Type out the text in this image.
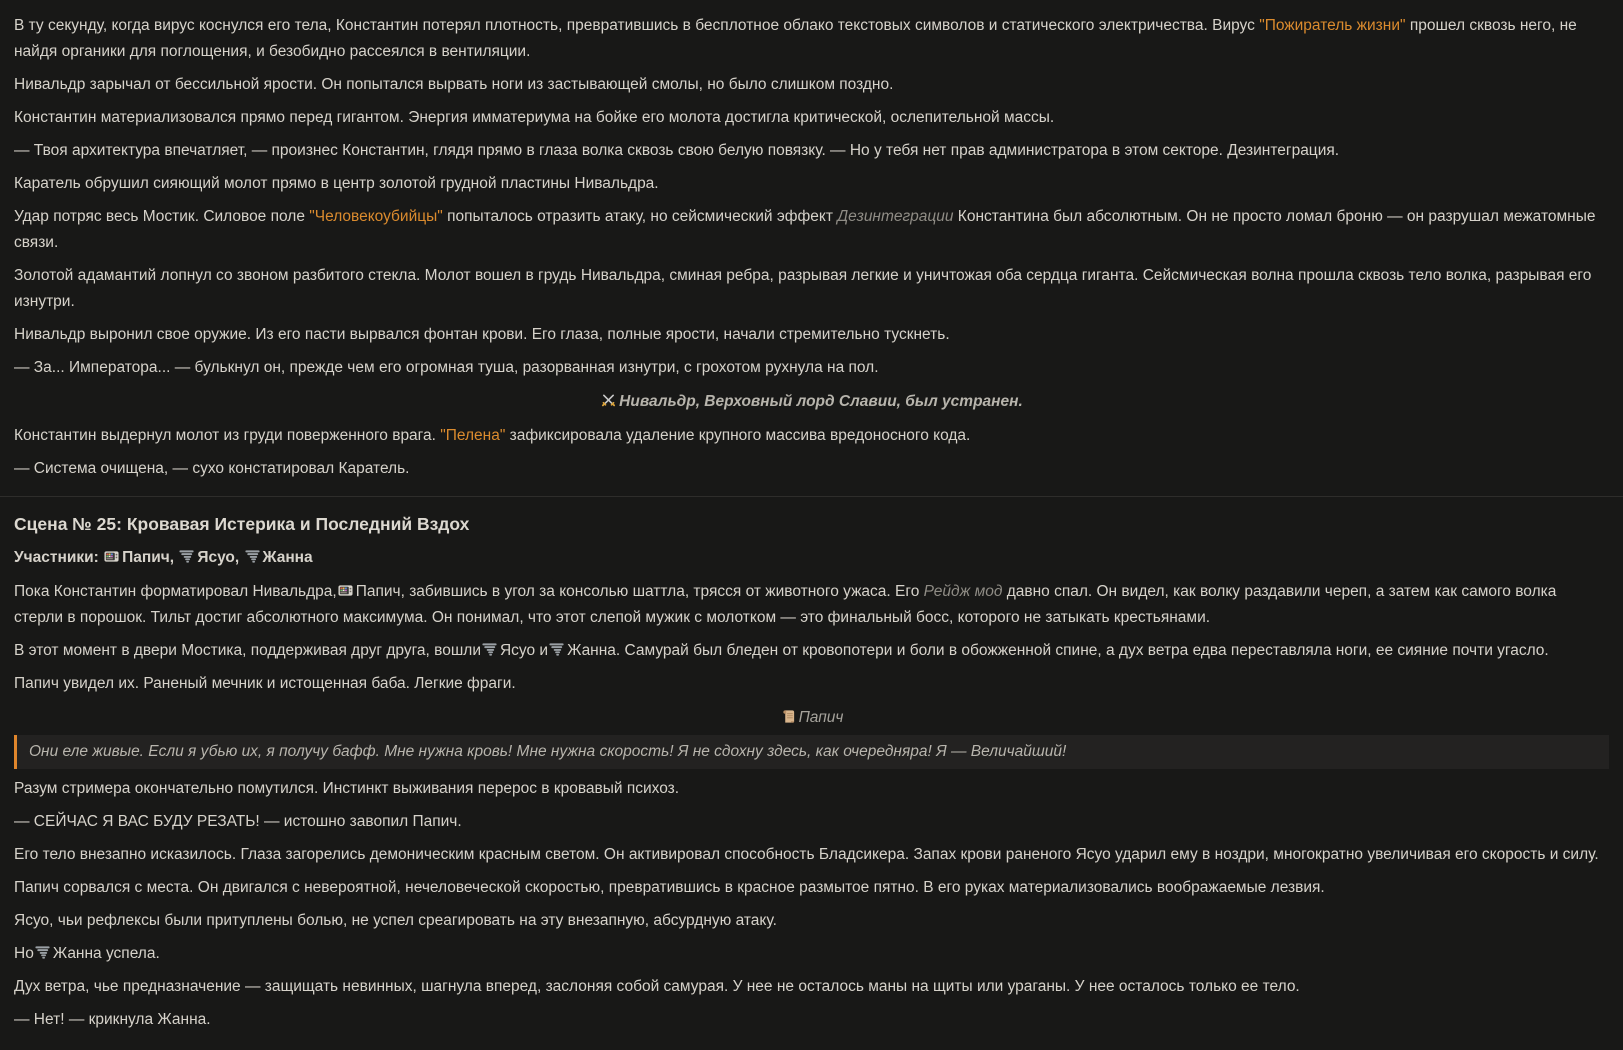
В ту секунду, когда вирус коснулся его тела, Константин потерял плотность, превратившись в бесплотное облако текстовых символов и статического электричества. Вирус "Пожиратель жизни" прошел сквозь него, не найдя органики для поглощения, и безобидно рассеялся в вентиляции.

Нивальдр зарычал от бессильной ярости. Он попытался вырвать ноги из застывающей смолы, но было слишком поздно.

Константин материализовался прямо перед гигантом. Энергия имматериума на бойке его молота достигла критической, ослепительной массы.

— Твоя архитектура впечатляет, — произнес Константин, глядя прямо в глаза волка сквозь свою белую повязку. — Но у тебя нет прав администратора в этом секторе. Дезинтеграция.

Каратель обрушил сияющий молот прямо в центр золотой грудной пластины Нивальдра.

Удар потряс весь Мостик. Силовое поле "Человекоубийцы" попыталось отразить атаку, но сейсмический эффект Дезинтеграции Константина был абсолютным. Он не просто ломал броню — он разрушал межатомные связи.

Золотой адамантий лопнул со звоном разбитого стекла. Молот вошел в грудь Нивальдра, сминая ребра, разрывая легкие и уничтожая оба сердца гиганта. Сейсмическая волна прошла сквозь тело волка, разрывая его изнутри.

Нивальдр выронил свое оружие. Из его пасти вырвался фонтан крови. Его глаза, полные ярости, начали стремительно тускнеть.

— За... Императора... — булькнул он, прежде чем его огромная туша, разорванная изнутри, с грохотом рухнула на пол.

Нивальдр, Верховный лорд Славии, был устранен.

Константин выдернул молот из груди поверженного врага. "Пелена" зафиксировала удаление крупного массива вредоносного кода.

— Система очищена, — сухо констатировал Каратель.

Сцена № 25: Кровавая Истерика и Последний Вздох
Участники: Папич, Ясуо, Жанна

Пока Константин форматировал Нивальдра, Папич, забившись в угол за консолью шаттла, трясся от животного ужаса. Его Рейдж мод давно спал. Он видел, как волку раздавили череп, а затем как самого волка стерли в порошок. Тильт достиг абсолютного максимума. Он понимал, что этот слепой мужик с молотком — это финальный босс, которого не затыкать крестьянами.

В этот момент в двери Мостика, поддерживая друг друга, вошли Ясуо и Жанна. Самурай был бледен от кровопотери и боли в обожженной спине, а дух ветра едва переставляла ноги, ее сияние почти угасло.

Папич увидел их. Раненый мечник и истощенная баба. Легкие фраги.

Папич
Они еле живые. Если я убью их, я получу бафф. Мне нужна кровь! Мне нужна скорость! Я не сдохну здесь, как очередняра! Я — Величайший!

Разум стримера окончательно помутился. Инстинкт выживания перерос в кровавый психоз.

— СЕЙЧАС Я ВАС БУДУ РЕЗАТЬ! — истошно завопил Папич.

Его тело внезапно исказилось. Глаза загорелись демоническим красным светом. Он активировал способность Бладсикера. Запах крови раненого Ясуо ударил ему в ноздри, многократно увеличивая его скорость и силу.

Папич сорвался с места. Он двигался с невероятной, нечеловеческой скоростью, превратившись в красное размытое пятно. В его руках материализовались воображаемые лезвия.

Ясуо, чьи рефлексы были притуплены болью, не успел среагировать на эту внезапную, абсурдную атаку.

Но Жанна успела.

Дух ветра, чье предназначение — защищать невинных, шагнула вперед, заслоняя собой самурая. У нее не осталось маны на щиты или ураганы. У нее осталось только ее тело.

— Нет! — крикнула Жанна.
